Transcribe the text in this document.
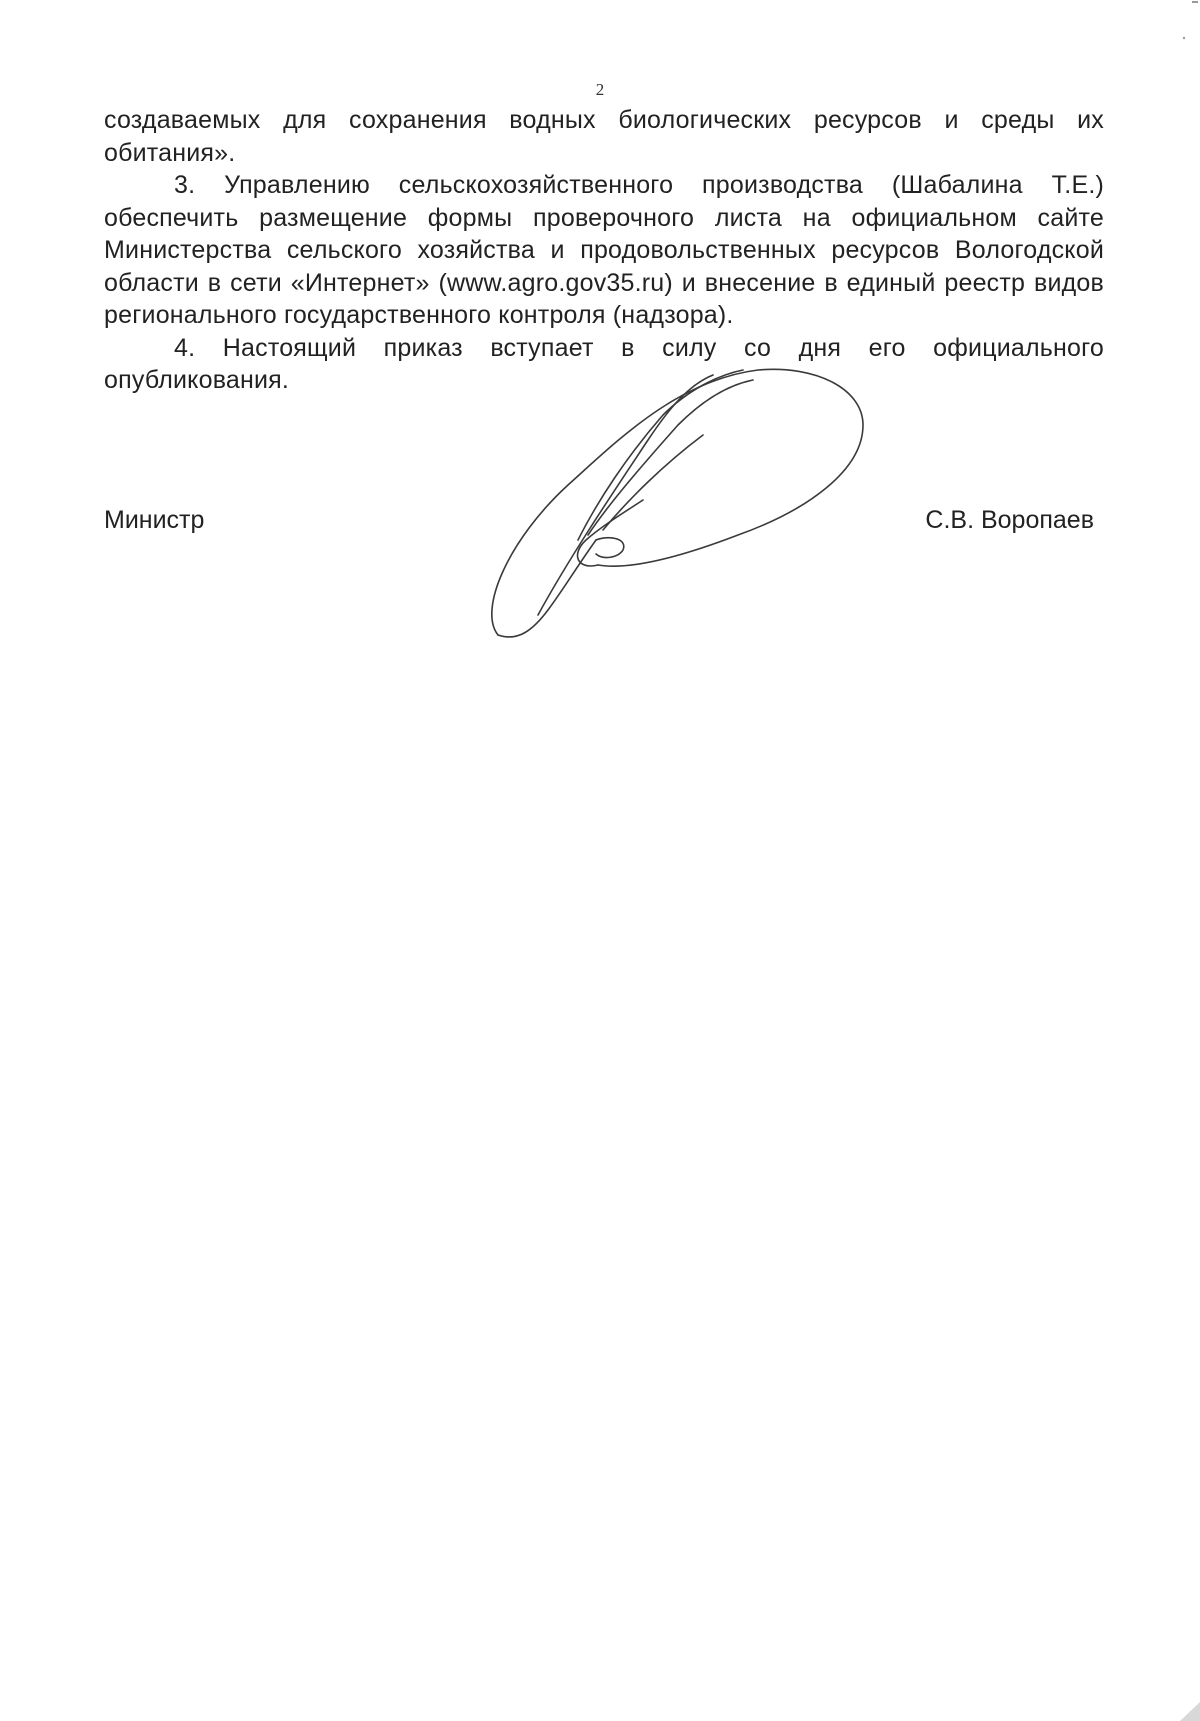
2

создаваемых для сохранения водных биологических ресурсов и среды их обитания».

3. Управлению сельскохозяйственного производства (Шабалина Т.Е.) обеспечить размещение формы проверочного листа на официальном сайте Министерства сельского хозяйства и продовольственных ресурсов Вологодской области в сети «Интернет» (www.agro.gov35.ru) и внесение в единый реестр видов регионального государственного контроля (надзора).

4. Настоящий приказ вступает в силу со дня его официального опубликования.

Министр	С.В. Воропаев
